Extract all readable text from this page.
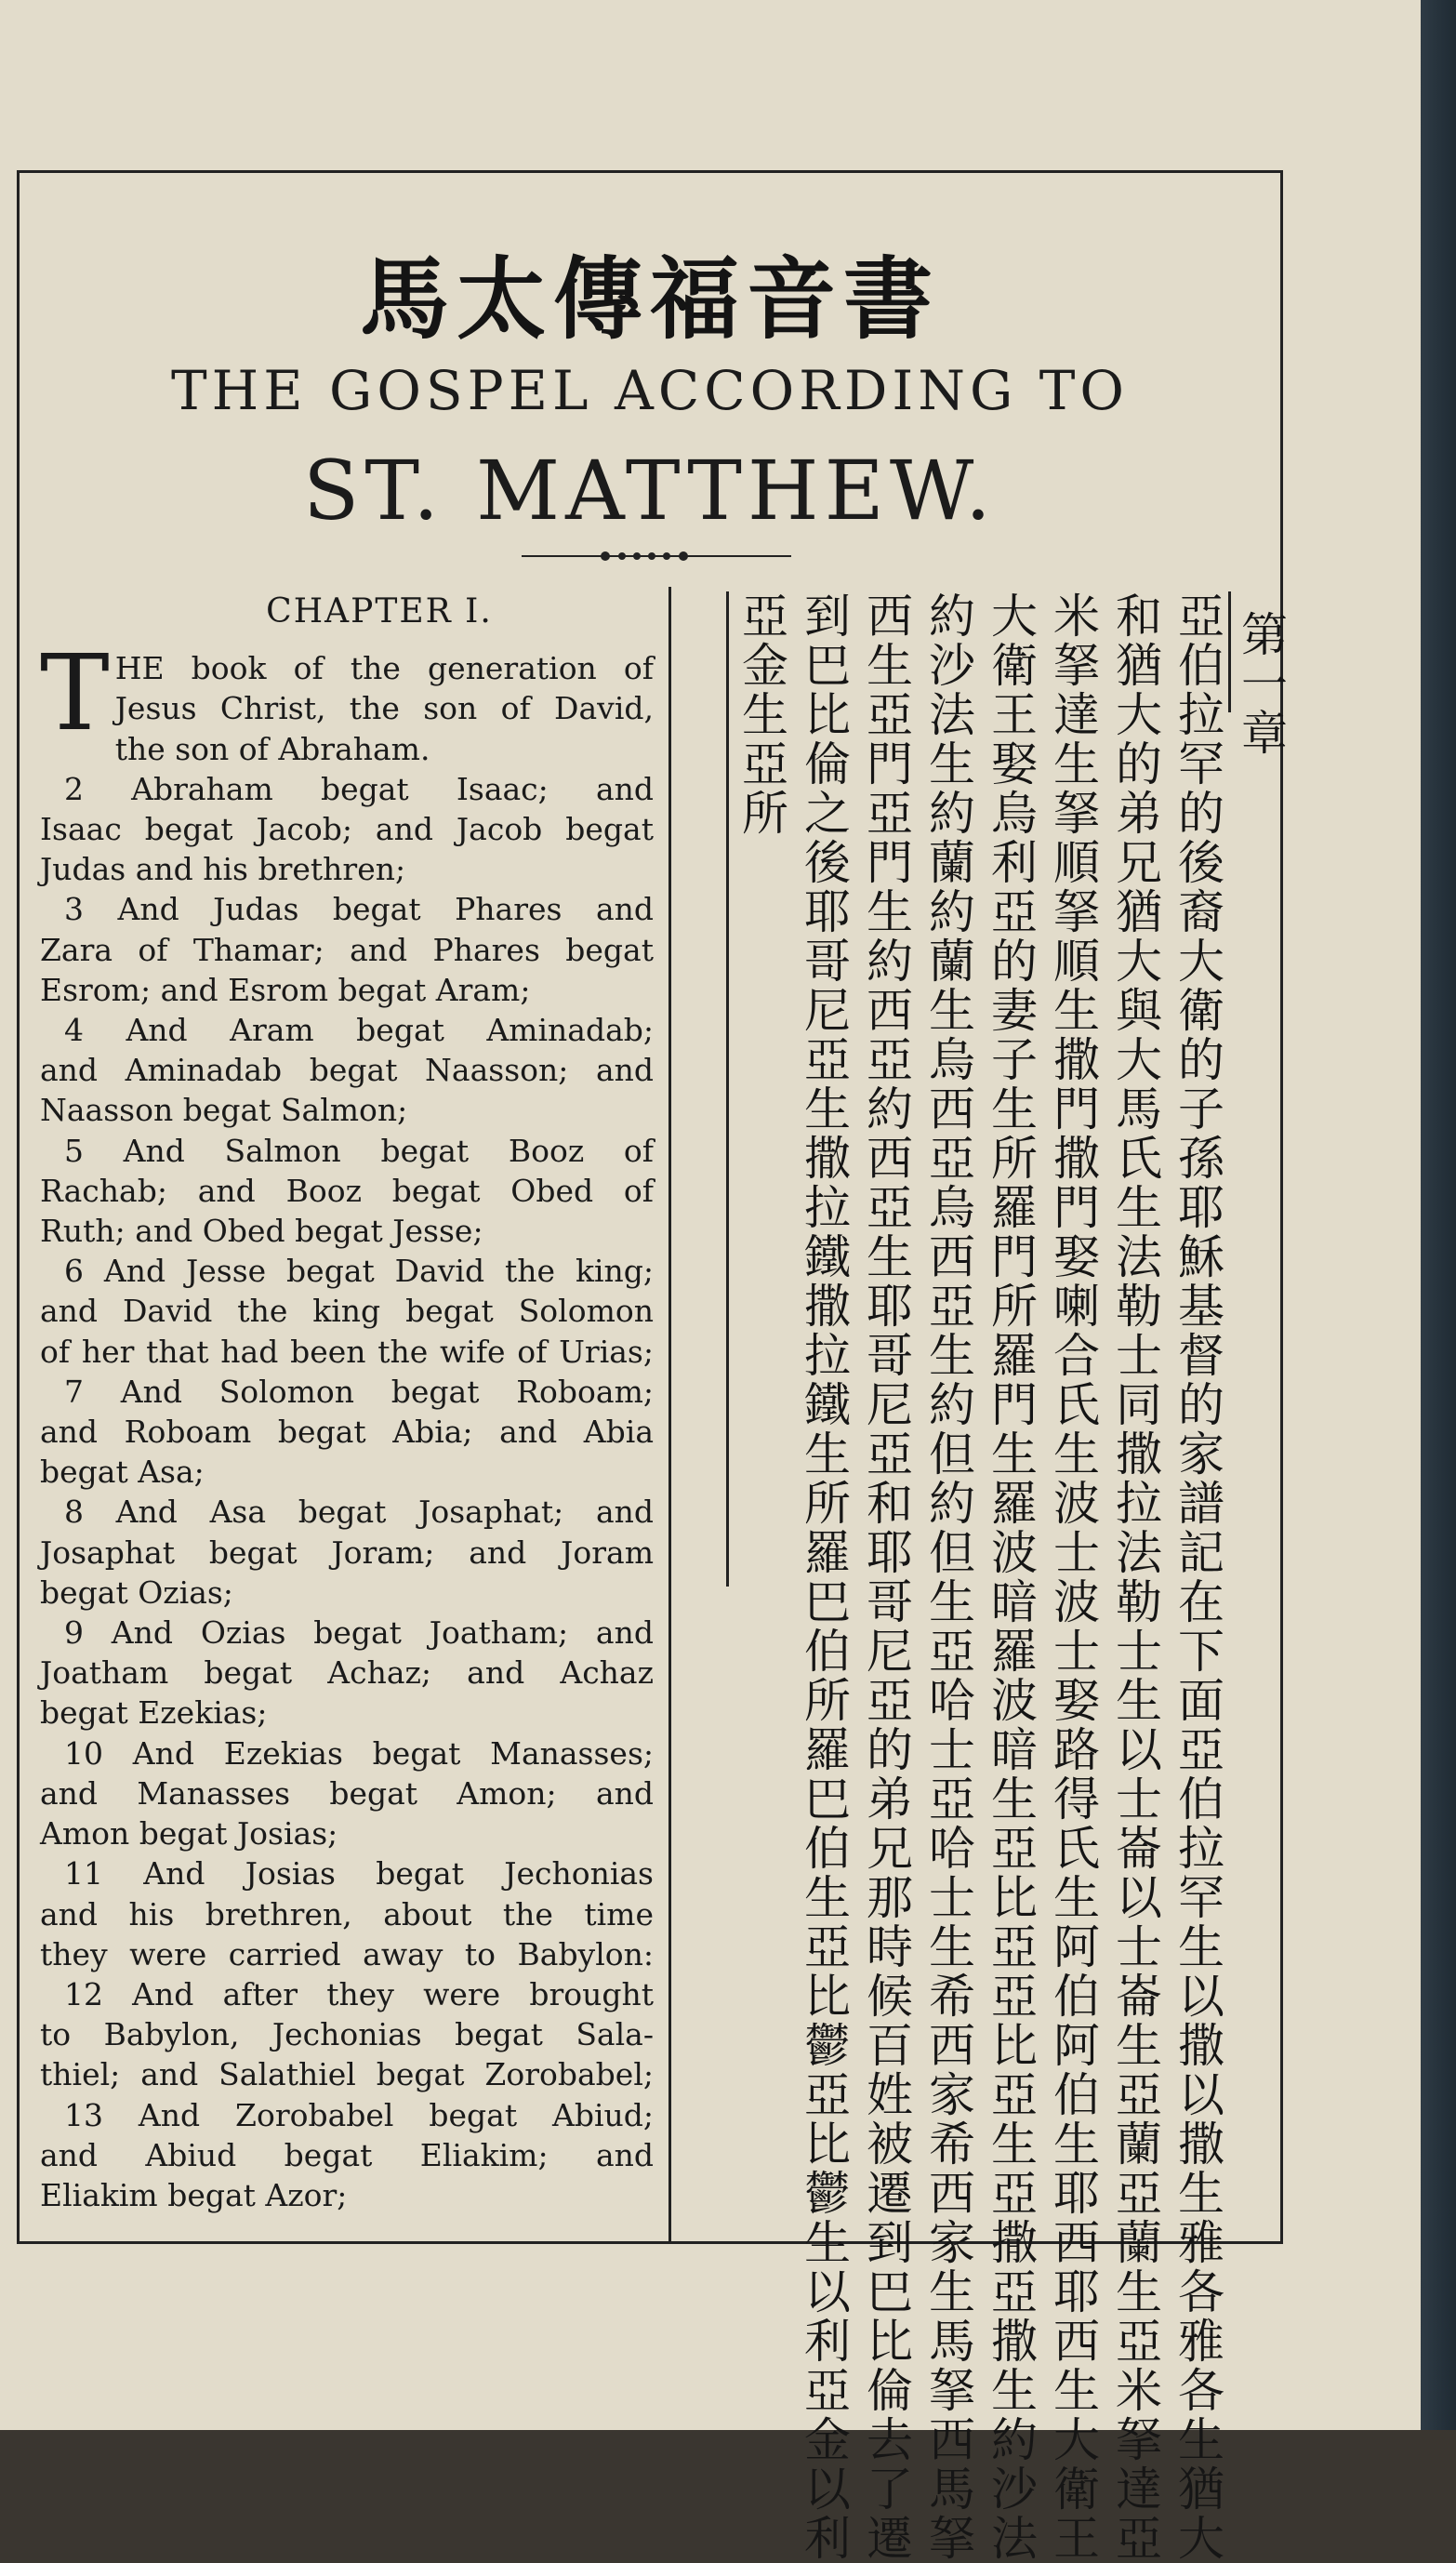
馬太傳福音書
THE GOSPEL ACCORDING TO
ST. MATTHEW.
CHAPTER I.
T HE book of the generation of
Jesus Christ, the son of David,
the son of Abraham.
2 Abraham begat Isaac; and
Isaac begat Jacob; and Jacob begat
Judas and his brethren;
3 And Judas begat Phares and
Zara of Thamar; and Phares begat
Esrom; and Esrom begat Aram;
4 And Aram begat Aminadab;
and Aminadab begat Naasson; and
Naasson begat Salmon;
5 And Salmon begat Booz of
Rachab; and Booz begat Obed of
Ruth; and Obed begat Jesse;
6 And Jesse begat David the king;
and David the king begat Solomon
of her that had been the wife of Urias;
7 And Solomon begat Roboam;
and Roboam begat Abia; and Abia
begat Asa;
8 And Asa begat Josaphat; and
Josaphat begat Joram; and Joram
begat Ozias;
9 And Ozias begat Joatham; and
Joatham begat Achaz; and Achaz
begat Ezekias;
10 And Ezekias begat Manasses;
and Manasses begat Amon; and
Amon begat Josias;
11 And Josias begat Jechonias
and his brethren, about the time
they were carried away to Babylon:
12 And after they were brought
to Babylon, Jechonias begat Sala-
thiel; and Salathiel begat Zorobabel;
13 And Zorobabel begat Abiud;
and Abiud begat Eliakim; and
Eliakim begat Azor;
第一章
亞伯拉罕的後裔大衛的子孫耶穌基督的家譜記在下面亞伯拉罕生以撒以撒生雅各雅各生猶大
和猶大的弟兄猶大與大馬氏生法勒士同撒拉法勒士生以士崙以士崙生亞蘭亞蘭生亞米拏達亞
米拏達生拏順拏順生撒門撒門娶喇合氏生波士波士娶路得氏生阿伯阿伯生耶西耶西生大衛王
大衛王娶烏利亞的妻子生所羅門所羅門生羅波暗羅波暗生亞比亞亞比亞生亞撒亞撒生約沙法
約沙法生約蘭約蘭生烏西亞烏西亞生約但約但生亞哈士亞哈士生希西家希西家生馬拏西馬拏
西生亞門亞門生約西亞約西亞生耶哥尼亞和耶哥尼亞的弟兄那時候百姓被遷到巴比倫去了遷
到巴比倫之後耶哥尼亞生撒拉鐵撒拉鐵生所羅巴伯所羅巴伯生亞比鬱亞比鬱生以利亞金以利
亞金生亞所
